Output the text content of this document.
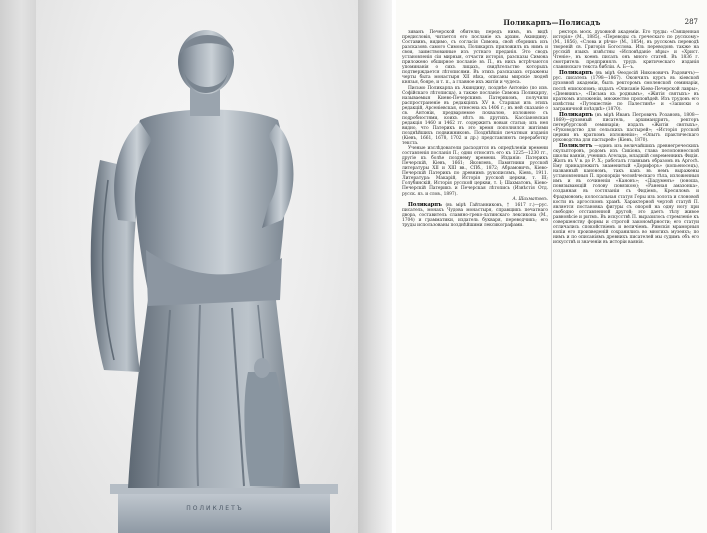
ПОЛИКЛЕТЪ
Поликарпъ—Полисадъ	287

зиванъ Печерской обители; передъ нимъ, въ видѣ предисловія, читается его посланіе къ архим. Акиндину. Составивъ, видимо, съ согласія Симона, свой сборникъ изъ разсказовъ самого Симона, Поликарпъ приложилъ къ нимъ и свои, заимствованные изъ устнаго преданія. Это сводъ установленія сіи мирныя, отчасти исторія, разсказы Симона приложено обширное посланіе въ П., въ нихъ встрѣчаются упоминанія о сихъ лицахъ, свидѣтельство которыхъ подтверждается лѣтописями. Въ этихъ разсказахъ отражены черты быта монастыря XII вѣка, описаны мирскіе людей князья, бояре, и т. п., а главное ихъ житія и чудеса.

Письмо Поликарпа къ Акиндину, позднѣе Антонію (по изв. Софійскаго лѣтописца), а также посланіе Симона Поликарпу, называемыя Киево-Печерскимъ Патерикомъ, получили распространеніе въ редакціяхъ XV в. Старшая изъ этихъ редакцій, Арсеніевская, отнесена къ 1406 г.; въ ней сказаніе о св. Антоніи, предваряемое похвалою, изложено съ подробностями, коихъ нѣтъ въ другихъ. Кассіановская редакція 1460 и 1462 гг. содержитъ новыя статьи; изъ нея видно, что Патерикъ въ это время пополнялся житіями позднѣйшихъ подвижниковъ. Позднѣйшія печатныя изданія (Кіевъ, 1661, 1678, 1702 и др.) представляютъ переработку текста.

Ученые изслѣдователи расходятся въ опредѣленіи времени составленія посланія П.; одни относятъ его къ 1225—1230 гг., другіе къ болѣе позднему времени. Изданія: Патерикъ Печерскій, Кіевъ, 1661; Яковлевъ, Памятники русской литературы XII и XIII вв., СПб., 1872; Абрамовичъ, Кіево-Печерскій Патерикъ по древнимъ рукописямъ, Кіевъ, 1911. Литература: Макарій, Исторія русской церкви, т. III; Голубинскій, Исторія русской церкви, т. I; Шахматовъ, Кіево-Печерскій Патерикъ и Печерская лѣтопись (Извѣстія Отд. русск. яз. и слов., 1897).

А. Шахматовъ.

Поликарпъ (въ мірѣ Гайтанниковъ, † 1617 г.)—рус. писатель, монахъ Чудова монастыря, справщикъ печатнаго двора, составитель славяно-греко-латинскаго лексикона (М., 1704) и грамматики, издатель букваря, переводчикъ; его труды использованы позднѣйшими лексикографами.

ректоръ моск. духовной академіи. Его труды: «Священная исторія» (М., 1885), «Переводы съ греческаго по русскому» (М., 1856), «Слова и рѣчи» (М., 1854), въ русскомъ переводѣ твореній св. Григорія Богослова. Изъ переводовъ также на русскій языкъ извѣстны «Исповѣданіе вѣры» и «Христ. Чтеніе», въ коемъ писалъ онъ много статей. Въ 1836 г. смотритель предпринялъ трудъ критическаго изданія славянскаго текста библіи. А. Б—ъ.

Поликарпъ (въ мірѣ Ѳеодосій Никоновичъ Радовичъ)—рус. писатель (1798—1867). Окончилъ курсъ въ кіевской духовной академіи, былъ ректоромъ смоленской семинаріи, послѣ епископомъ; издалъ «Описаніе Кіево-Печерской лавры», «Дневникъ», «Письма къ роднымъ», «Житія святыхъ» въ краткомъ изложеніи, множество проповѣдей. Изъ трудовъ его извѣстны «Путешествіе по Палестинѣ» и «Записки о заграничной поѣздкѣ» (1870).

Поликарпъ (въ мірѣ Иванъ Петровичъ Розановъ, 1808—1869)—духовный писатель, архимандритъ, ректоръ петербургской семинаріи; издалъ «Житія святыхъ», «Руководство для сельскихъ пастырей»; «Исторія русской церкви въ краткомъ изложеніи»; «Опытъ практическаго руководства для пастырей» (Кіевъ, 1870).

Поликлетъ —одинъ изъ величайшихъ древнегреческихъ скульпторовъ, родомъ изъ Сикіона, глава пелопоннесской школы ваянія, ученикъ Агелада, младшій современникъ Фидія. Жилъ въ V в. до Р. Х.; работалъ главнымъ образомъ въ Аргосѣ. Ему принадлежитъ знаменитый «Дорифоръ» (копьеносецъ), названный канономъ, такъ какъ въ немъ выражены установленныя П. пропорціи человѣческаго тѣла, изложенныя имъ и въ сочиненіи «Канонъ»; «Діадуменъ» (юноша, повязывающій голову повязкою); «Раненая амазонка», созданная въ состязаніи съ Фидіемъ, Кресиломъ и Фрадмономъ; колоссальная статуя Геры изъ золота и слоновой кости въ аргосскомъ храмѣ. Характерной чертой статуй П. является постановка фигуры съ опорой на одну ногу при свободно отставленной другой; это даетъ тѣлу живое равновѣсіе и ритмъ. Въ искусствѣ П. выразилось стремленіе къ совершенству формы и строгой закономѣрности; его статуи отличались спокойствіемъ и величіемъ. Римскія мраморныя копіи его произведеній сохранились во многихъ музеяхъ; по нимъ и по описаніямъ древнихъ писателей мы судимъ объ его искусствѣ и значеніи въ исторіи ваянія.
